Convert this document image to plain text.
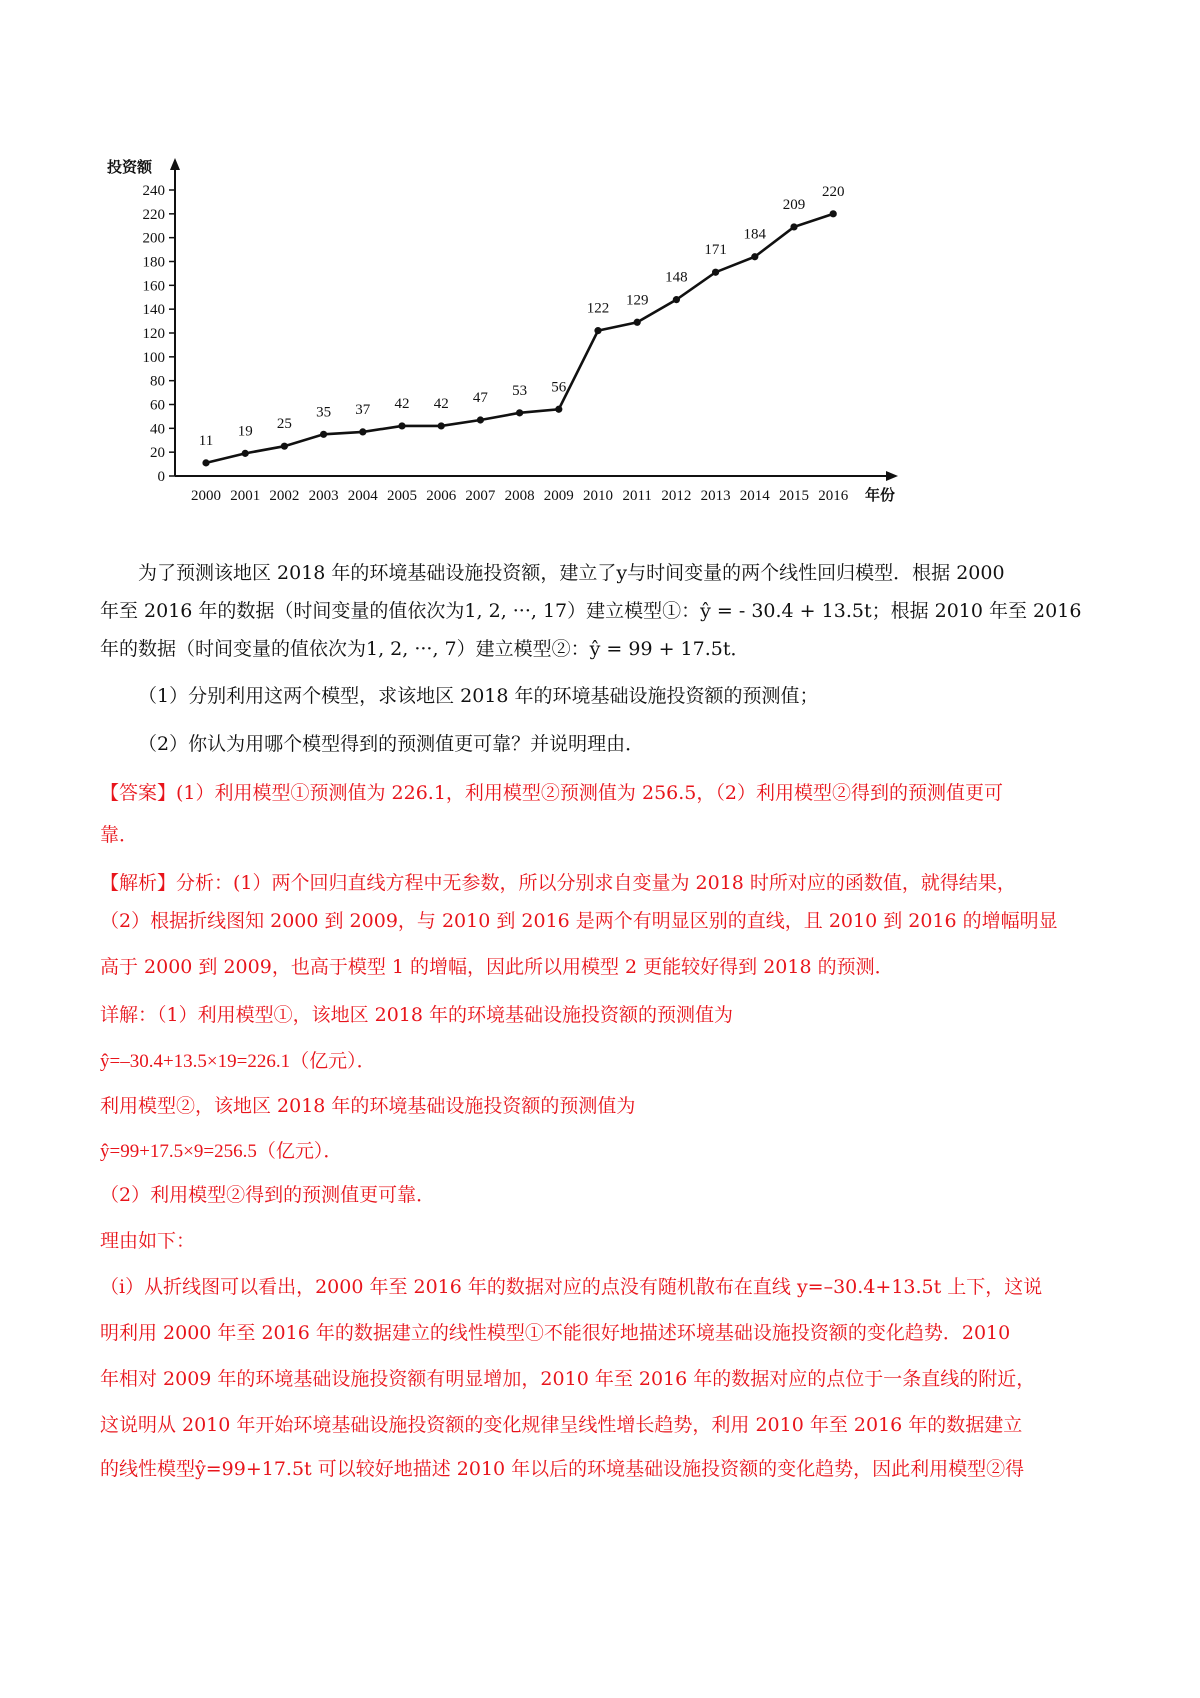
投资额
年份
0
20
40
60
80
100
120
140
160
180
200
220
240
2000 2001 2002 2003 2004 2005 2006 2007 2008 2009 2010 2011 2012 2013 2014 2015 2016
11
19 25
35 37 42 42 47 53 56
122
129
148
171
184
209
220
为了预测该地区 2018 年的环境基础设施投资额，建立了y与时间变量的两个线性回归模型．根据 2000
年至 2016 年的数据（时间变量的值依次为1, 2, ···, 17）建立模型①：ŷ = - 30.4 + 13.5t；根据 2010 年至 2016
年的数据（时间变量的值依次为1, 2, ···, 7）建立模型②：ŷ = 99 + 17.5t．
（1）分别利用这两个模型，求该地区 2018 年的环境基础设施投资额的预测值；
（2）你认为用哪个模型得到的预测值更可靠？并说明理由．
【答案】(1）利用模型①预测值为 226.1，利用模型②预测值为 256.5，（2）利用模型②得到的预测值更可
靠．
【解析】分析：(1）两个回归直线方程中无参数，所以分别求自变量为 2018 时所对应的函数值，就得结果，
（2）根据折线图知 2000 到 2009，与 2010 到 2016 是两个有明显区别的直线，且 2010 到 2016 的增幅明显
高于 2000 到 2009，也高于模型 1 的增幅，因此所以用模型 2 更能较好得到 2018 的预测．
详解：（1）利用模型①，该地区 2018 年的环境基础设施投资额的预测值为
ŷ=–30.4+13.5×19=226.1（亿元）．
利用模型②，该地区 2018 年的环境基础设施投资额的预测值为
ŷ=99+17.5×9=256.5（亿元）．
（2）利用模型②得到的预测值更可靠．
理由如下：
（i）从折线图可以看出，2000 年至 2016 年的数据对应的点没有随机散布在直线 y=–30.4+13.5t 上下，这说
明利用 2000 年至 2016 年的数据建立的线性模型①不能很好地描述环境基础设施投资额的变化趋势．2010
年相对 2009 年的环境基础设施投资额有明显增加，2010 年至 2016 年的数据对应的点位于一条直线的附近，
这说明从 2010 年开始环境基础设施投资额的变化规律呈线性增长趋势，利用 2010 年至 2016 年的数据建立
的线性模型ŷ=99+17.5t 可以较好地描述 2010 年以后的环境基础设施投资额的变化趋势，因此利用模型②得
